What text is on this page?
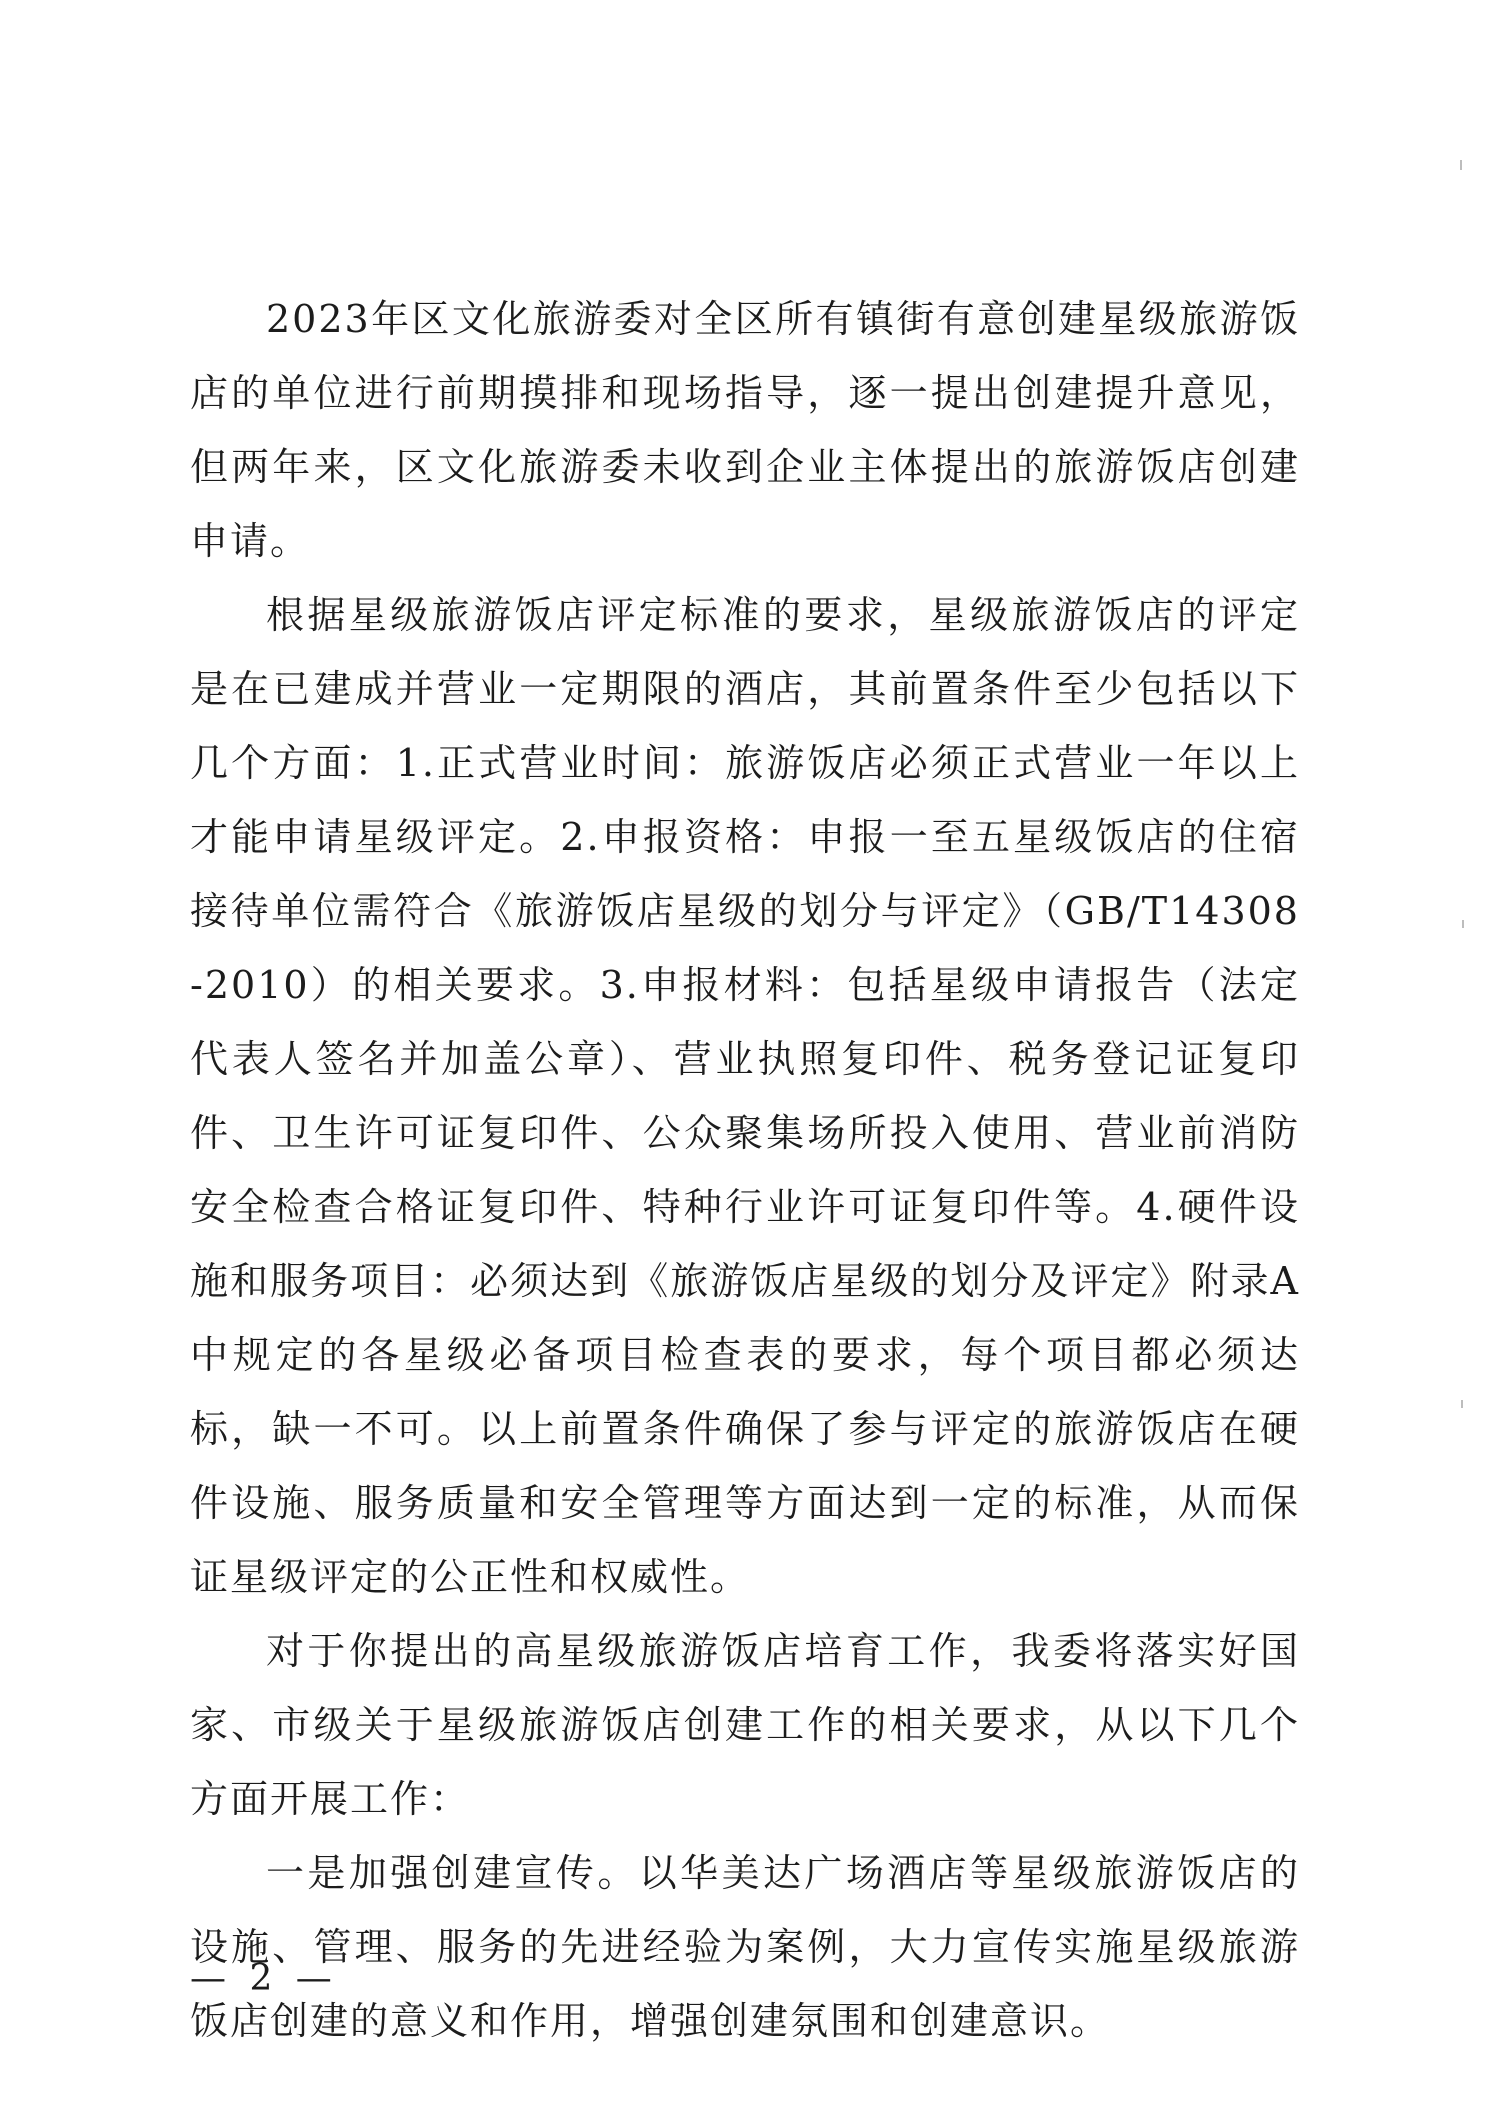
2023年区文化旅游委对全区所有镇街有意创建星级旅游饭店的单位进行前期摸排和现场指导，逐一提出创建提升意见，但两年来，区文化旅游委未收到企业主体提出的旅游饭店创建申请。

根据星级旅游饭店评定标准的要求，星级旅游饭店的评定是在已建成并营业一定期限的酒店，其前置条件至少包括以下几个方面：1.正式营业时间：旅游饭店必须正式营业一年以上才能申请星级评定。2.申报资格：申报一至五星级饭店的住宿接待单位需符合《旅游饭店星级的划分与评定》（GB/T14308-2010）的相关要求。3.申报材料：包括星级申请报告（法定代表人签名并加盖公章）、营业执照复印件、税务登记证复印件、卫生许可证复印件、公众聚集场所投入使用、营业前消防安全检查合格证复印件、特种行业许可证复印件等。4.硬件设施和服务项目：必须达到《旅游饭店星级的划分及评定》附录A中规定的各星级必备项目检查表的要求，每个项目都必须达标，缺一不可。以上前置条件确保了参与评定的旅游饭店在硬件设施、服务质量和安全管理等方面达到一定的标准，从而保证星级评定的公正性和权威性。

对于你提出的高星级旅游饭店培育工作，我委将落实好国家、市级关于星级旅游饭店创建工作的相关要求，从以下几个方面开展工作：

一是加强创建宣传。以华美达广场酒店等星级旅游饭店的设施、管理、服务的先进经验为案例，大力宣传实施星级旅游饭店创建的意义和作用，增强创建氛围和创建意识。

— 2 —
